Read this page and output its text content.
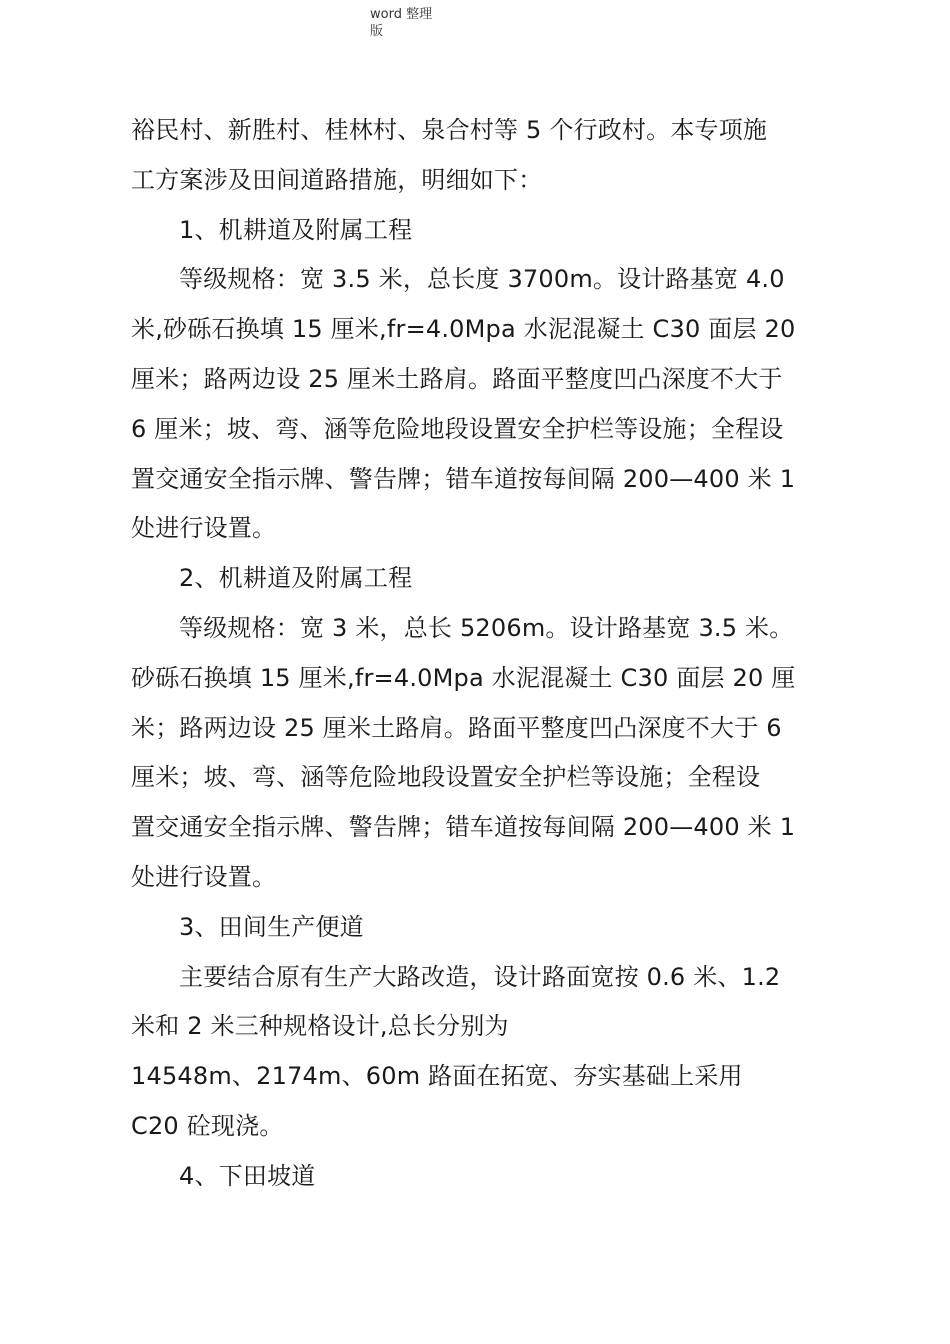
word 整理版

裕民村、新胜村、桂林村、泉合村等 5 个行政村。本专项施
工方案涉及田间道路措施，明细如下：

1、机耕道及附属工程

等级规格：宽 3.5 米，总长度 3700m。设计路基宽 4.0
米,砂砾石换填 15 厘米,fr=4.0Mpa 水泥混凝土 C30 面层 20
厘米；路两边设 25 厘米土路肩。路面平整度凹凸深度不大于
6 厘米；坡、弯、涵等危险地段设置安全护栏等设施；全程设
置交通安全指示牌、警告牌；错车道按每间隔 200—400 米 1
处进行设置。

2、机耕道及附属工程

等级规格：宽 3 米，总长 5206m。设计路基宽 3.5 米。
砂砾石换填 15 厘米,fr=4.0Mpa 水泥混凝土 C30 面层 20 厘
米；路两边设 25 厘米土路肩。路面平整度凹凸深度不大于 6
厘米；坡、弯、涵等危险地段设置安全护栏等设施；全程设
置交通安全指示牌、警告牌；错车道按每间隔 200—400 米 1
处进行设置。

3、田间生产便道

主要结合原有生产大路改造，设计路面宽按 0.6 米、1.2
米和 2 米三种规格设计,总长分别为
14548m、2174m、60m 路面在拓宽、夯实基础上采用
C20 砼现浇。

4、下田坡道
